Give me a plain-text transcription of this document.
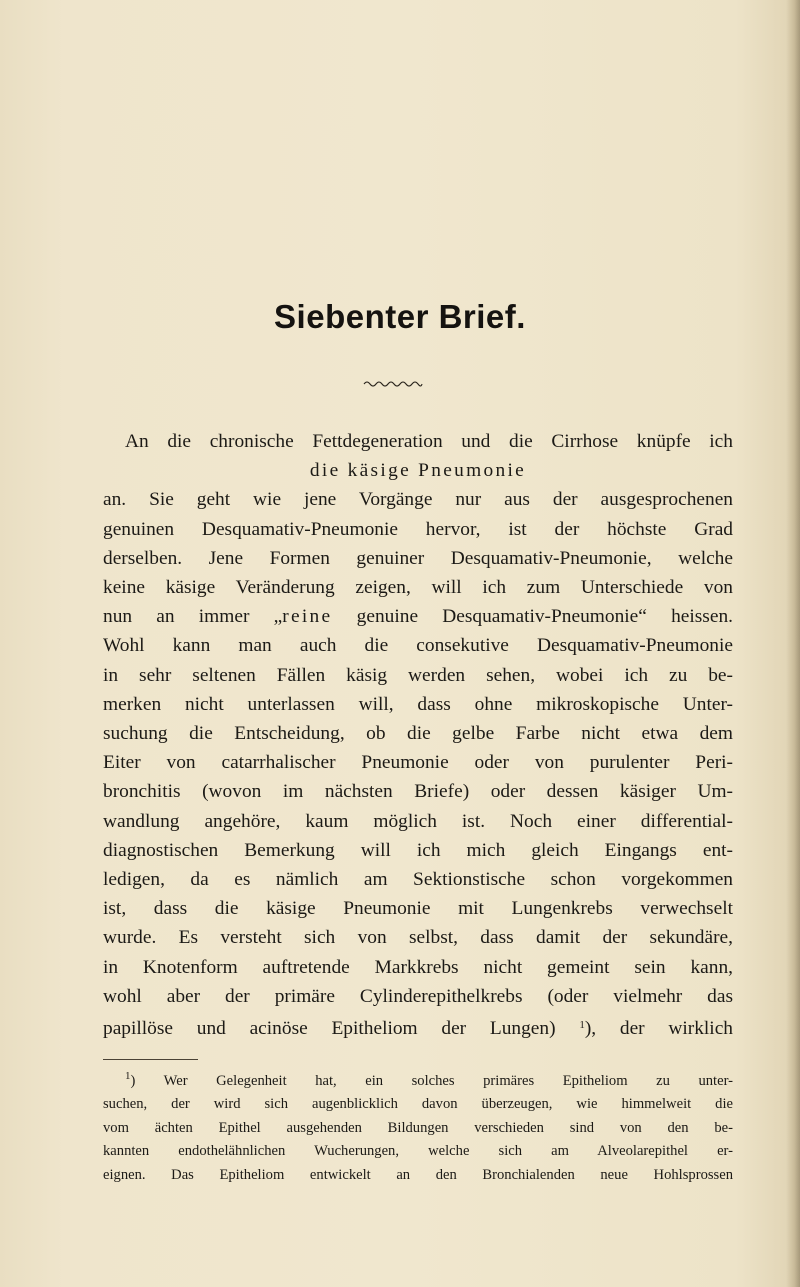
Siebenter Brief.
An die chronische Fettdegeneration und die Cirrhose knüpfe ich
die käsige Pneumonie
an. Sie geht wie jene Vorgänge nur aus der ausgesprochenen
genuinen Desquamativ-Pneumonie hervor, ist der höchste Grad
derselben. Jene Formen genuiner Desquamativ-Pneumonie, welche
keine käsige Veränderung zeigen, will ich zum Unterschiede von
nun an immer „reine genuine Desquamativ-Pneumonie“ heissen.
Wohl kann man auch die consekutive Desquamativ-Pneumonie
in sehr seltenen Fällen käsig werden sehen, wobei ich zu be-
merken nicht unterlassen will, dass ohne mikroskopische Unter-
suchung die Entscheidung, ob die gelbe Farbe nicht etwa dem
Eiter von catarrhalischer Pneumonie oder von purulenter Peri-
bronchitis (wovon im nächsten Briefe) oder dessen käsiger Um-
wandlung angehöre, kaum möglich ist. Noch einer differential-
diagnostischen Bemerkung will ich mich gleich Eingangs ent-
ledigen, da es nämlich am Sektionstische schon vorgekommen
ist, dass die käsige Pneumonie mit Lungenkrebs verwechselt
wurde. Es versteht sich von selbst, dass damit der sekundäre,
in Knotenform auftretende Markkrebs nicht gemeint sein kann,
wohl aber der primäre Cylinderepithelkrebs (oder vielmehr das
papillöse und acinöse Epitheliom der Lungen) $^1$), der wirklich
$^1$) Wer Gelegenheit hat, ein solches primäres Epitheliom zu unter-
suchen, der wird sich augenblicklich davon überzeugen, wie himmelweit die
vom ächten Epithel ausgehenden Bildungen verschieden sind von den be-
kannten endothelähnlichen Wucherungen, welche sich am Alveolarepithel er-
eignen. Das Epitheliom entwickelt an den Bronchialenden neue Hohlsprossen
